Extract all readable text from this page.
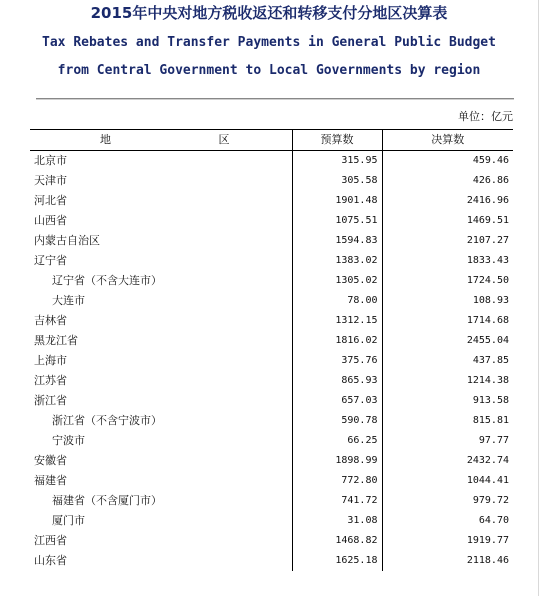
2015年中央对地方税收返还和转移支付分地区决算表
Tax Rebates and Transfer Payments in General Public Budget
from Central Government to Local Governments by region
单位：亿元
地 区	预算数	决算数
北京市	315.95	459.46
天津市	305.58	426.86
河北省	1901.48	2416.96
山西省	1075.51	1469.51
内蒙古自治区	1594.83	2107.27
辽宁省	1383.02	1833.43
辽宁省（不含大连市）	1305.02	1724.50
大连市	78.00	108.93
吉林省	1312.15	1714.68
黑龙江省	1816.02	2455.04
上海市	375.76	437.85
江苏省	865.93	1214.38
浙江省	657.03	913.58
浙江省（不含宁波市）	590.78	815.81
宁波市	66.25	97.77
安徽省	1898.99	2432.74
福建省	772.80	1044.41
福建省（不含厦门市）	741.72	979.72
厦门市	31.08	64.70
江西省	1468.82	1919.77
山东省	1625.18	2118.46
